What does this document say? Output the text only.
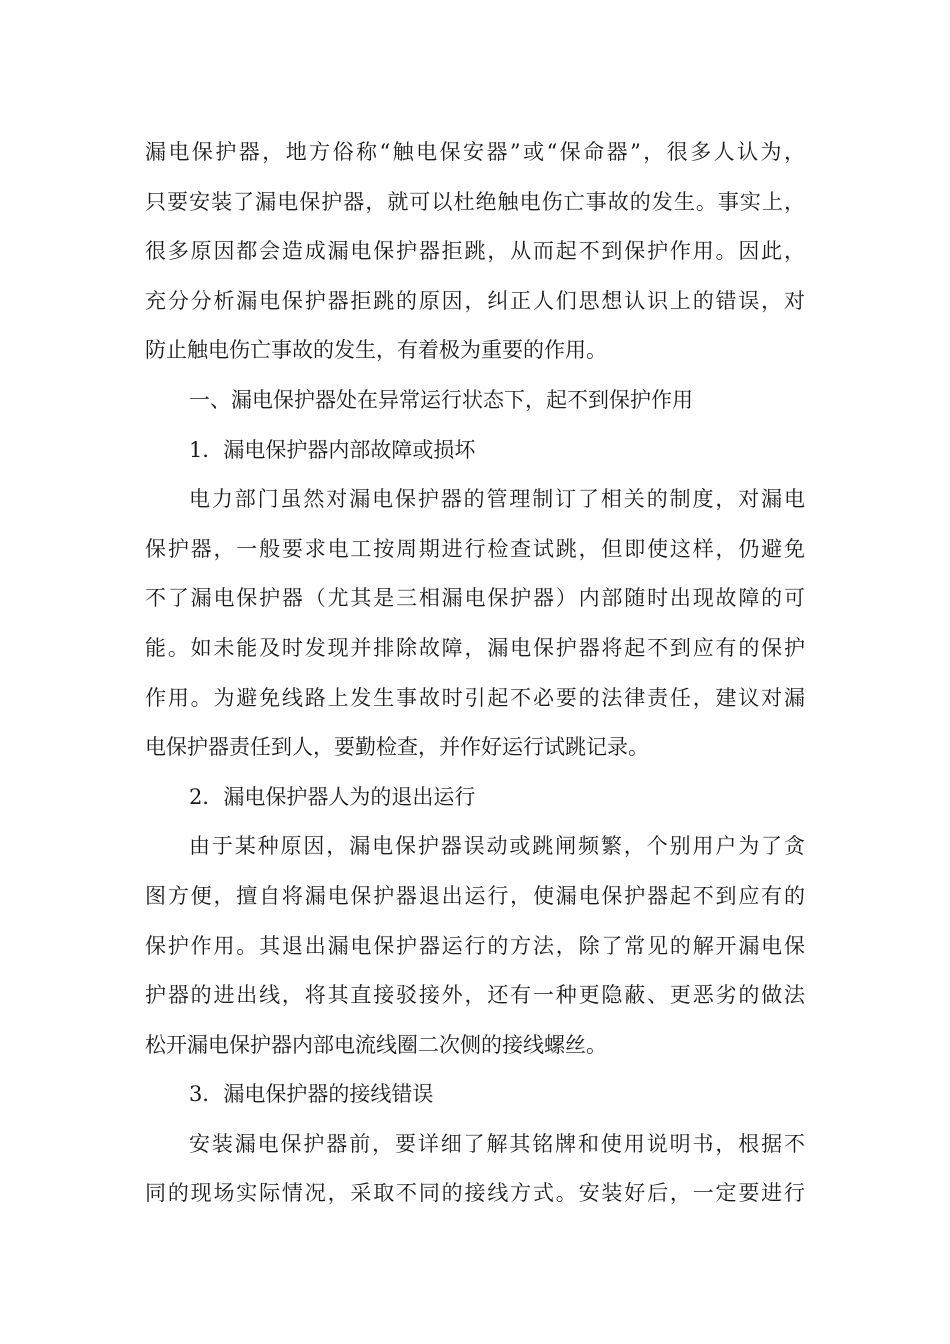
漏电保护器，地方俗称“触电保安器”或“保命器”，很多人认为，
只要安装了漏电保护器，就可以杜绝触电伤亡事故的发生。事实上，
很多原因都会造成漏电保护器拒跳，从而起不到保护作用。因此，
充分分析漏电保护器拒跳的原因，纠正人们思想认识上的错误，对
防止触电伤亡事故的发生，有着极为重要的作用。
一、漏电保护器处在异常运行状态下，起不到保护作用
1．漏电保护器内部故障或损坏
电力部门虽然对漏电保护器的管理制订了相关的制度，对漏电
保护器，一般要求电工按周期进行检查试跳，但即使这样，仍避免
不了漏电保护器（尤其是三相漏电保护器）内部随时出现故障的可
能。如未能及时发现并排除故障，漏电保护器将起不到应有的保护
作用。为避免线路上发生事故时引起不必要的法律责任，建议对漏
电保护器责任到人，要勤检查，并作好运行试跳记录。
2．漏电保护器人为的退出运行
由于某种原因，漏电保护器误动或跳闸频繁，个别用户为了贪
图方便，擅自将漏电保护器退出运行，使漏电保护器起不到应有的
保护作用。其退出漏电保护器运行的方法，除了常见的解开漏电保
护器的进出线，将其直接驳接外，还有一种更隐蔽、更恶劣的做法
松开漏电保护器内部电流线圈二次侧的接线螺丝。
3．漏电保护器的接线错误
安装漏电保护器前，要详细了解其铭牌和使用说明书，根据不
同的现场实际情况，采取不同的接线方式。安装好后，一定要进行
